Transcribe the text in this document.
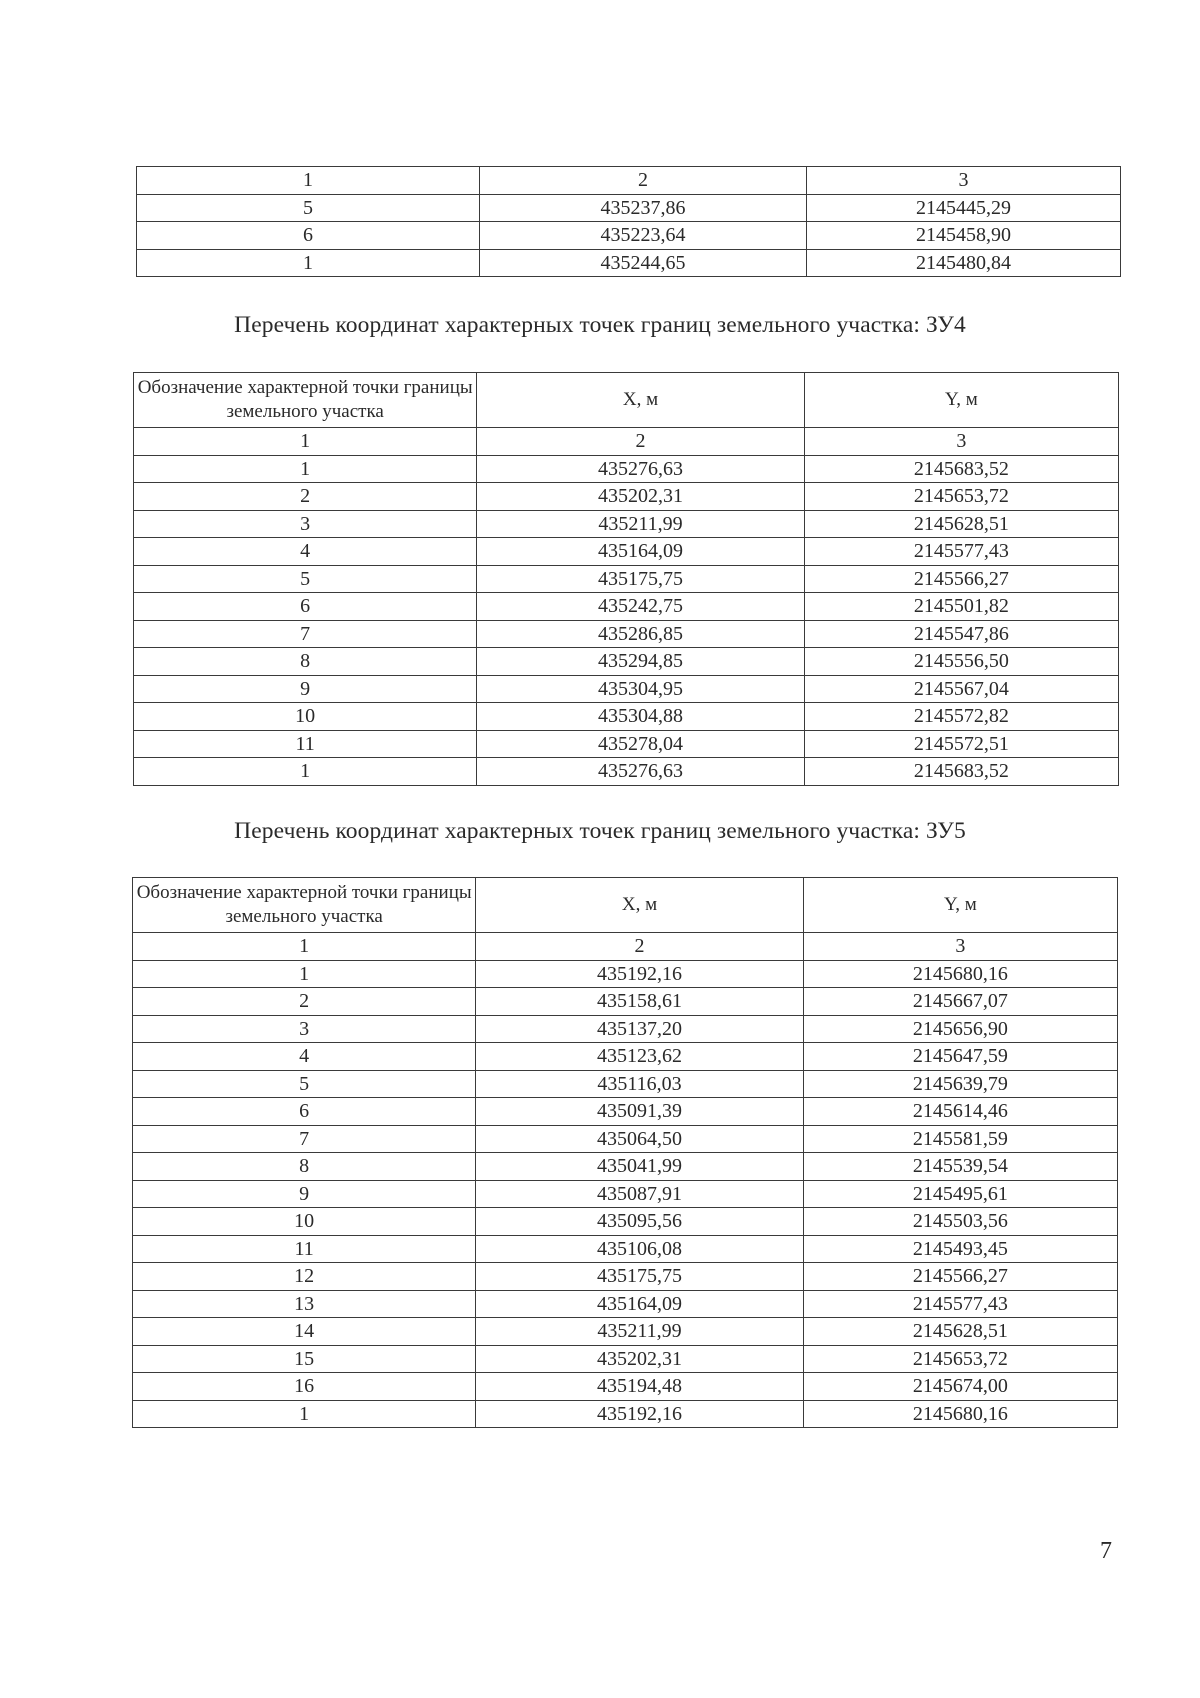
1	2	3
5	435237,86	2145445,29
6	435223,64	2145458,90
1	435244,65	2145480,84
Перечень координат характерных точек границ земельного участка: ЗУ4
Обозначение характерной точки границы земельного участка	X, м	Y, м
1	2	3
1	435276,63	2145683,52
2	435202,31	2145653,72
3	435211,99	2145628,51
4	435164,09	2145577,43
5	435175,75	2145566,27
6	435242,75	2145501,82
7	435286,85	2145547,86
8	435294,85	2145556,50
9	435304,95	2145567,04
10	435304,88	2145572,82
11	435278,04	2145572,51
1	435276,63	2145683,52
Перечень координат характерных точек границ земельного участка: ЗУ5
Обозначение характерной точки границы земельного участка	X, м	Y, м
1	2	3
1	435192,16	2145680,16
2	435158,61	2145667,07
3	435137,20	2145656,90
4	435123,62	2145647,59
5	435116,03	2145639,79
6	435091,39	2145614,46
7	435064,50	2145581,59
8	435041,99	2145539,54
9	435087,91	2145495,61
10	435095,56	2145503,56
11	435106,08	2145493,45
12	435175,75	2145566,27
13	435164,09	2145577,43
14	435211,99	2145628,51
15	435202,31	2145653,72
16	435194,48	2145674,00
1	435192,16	2145680,16
7
